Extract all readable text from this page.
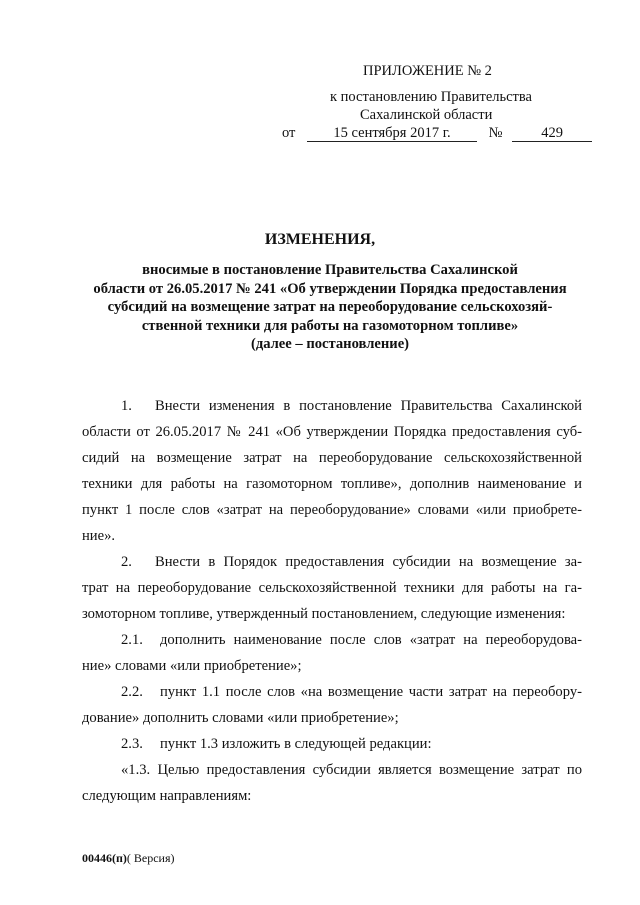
ПРИЛОЖЕНИЕ № 2
к постановлению Правительства
Сахалинской области
от	15 сентября 2017 г.	№	429
ИЗМЕНЕНИЯ,
вносимые в постановление Правительства Сахалинской
области от 26.05.2017 № 241 «Об утверждении Порядка предоставления
субсидий на возмещение затрат на переоборудование сельскохозяй-
ственной техники для работы на газомоторном топливе»
(далее – постановление)
1. Внести изменения в постановление Правительства Сахалинской
области от 26.05.2017 № 241 «Об утверждении Порядка предоставления суб-
сидий на возмещение затрат на переоборудование сельскохозяйственной
техники для работы на газомоторном топливе», дополнив наименование и
пункт 1 после слов «затрат на переоборудование» словами «или приобрете-
ние».
2. Внести в Порядок предоставления субсидии на возмещение за-
трат на переоборудование сельскохозяйственной техники для работы на га-
зомоторном топливе, утвержденный постановлением, следующие изменения:
2.1. дополнить наименование после слов «затрат на переоборудова-
ние» словами «или приобретение»;
2.2. пункт 1.1 после слов «на возмещение части затрат на переобору-
дование» дополнить словами «или приобретение»;
2.3. пункт 1.3 изложить в следующей редакции:
«1.3. Целью предоставления субсидии является возмещение затрат по
следующим направлениям:
00446(п)( Версия)
